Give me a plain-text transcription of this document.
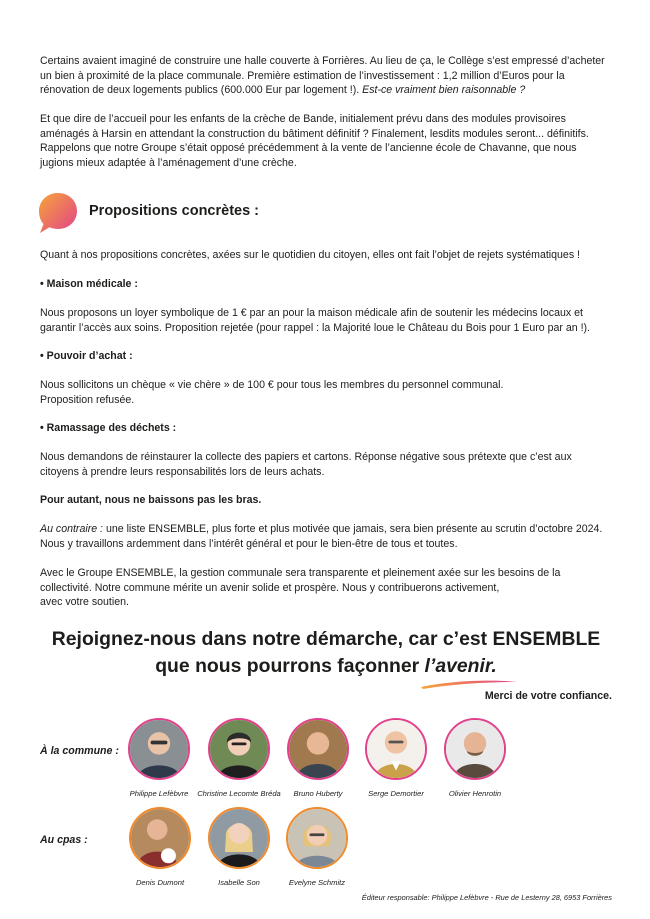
Certains avaient imaginé de construire une halle couverte à Forrières. Au lieu de ça, le Collège s’est empressé d’acheter un bien à proximité de la place communale. Première estimation de l’investissement : 1,2 million d’Euros pour la rénovation de deux logements publics (600.000 Eur par logement !). Est-ce vraiment bien raisonnable ?

Et que dire de l’accueil pour les enfants de la crèche de Bande, initialement prévu dans des modules provisoires aménagés à Harsin en attendant la construction du bâtiment définitif ? Finalement, lesdits modules seront... définitifs. Rappelons que notre Groupe s’était opposé précédemment à la vente de l’ancienne école de Chavanne, que nous jugions mieux adaptée à l’aménagement d’une crèche.

Propositions concrètes :

Quant à nos propositions concrètes, axées sur le quotidien du citoyen, elles ont fait l’objet de rejets systématiques !

• Maison médicale :

Nous proposons un loyer symbolique de 1 € par an pour la maison médicale afin de soutenir les médecins locaux et garantir l’accès aux soins. Proposition rejetée (pour rappel : la Majorité loue le Château du Bois pour 1 Euro par an !).

• Pouvoir d’achat :

Nous sollicitons un chèque « vie chère » de 100 € pour tous les membres du personnel communal.

Proposition refusée.

• Ramassage des déchets :

Nous demandons de réinstaurer la collecte des papiers et cartons. Réponse négative sous prétexte que c’est aux citoyens à prendre leurs responsabilités lors de leurs achats.

Pour autant, nous ne baissons pas les bras.

Au contraire : une liste ENSEMBLE, plus forte et plus motivée que jamais, sera bien présente au scrutin d’octobre 2024. Nous y travaillons ardemment dans l’intérêt général et pour le bien-être de tous et toutes.

Avec le Groupe ENSEMBLE, la gestion communale sera transparente et pleinement axée sur les besoins de la collectivité. Notre commune mérite un avenir solide et prospère. Nous y contribuerons activement,
avec votre soutien.

Rejoignez-nous dans notre démarche, car c’est ENSEMBLE
que nous pourrons façonner l’avenir.
Merci de votre confiance.
À la commune :
Philippe Lefèbvre	Christine Lecomte Bréda	Bruno Huberty	Serge Demortier	Olivier Henrotin
Au cpas :
Denis Dumont	Isabelle Son	Evelyne Schmitz
Éditeur responsable: Philippe Lefèbvre - Rue de Lesterny 28, 6953 Forrières
